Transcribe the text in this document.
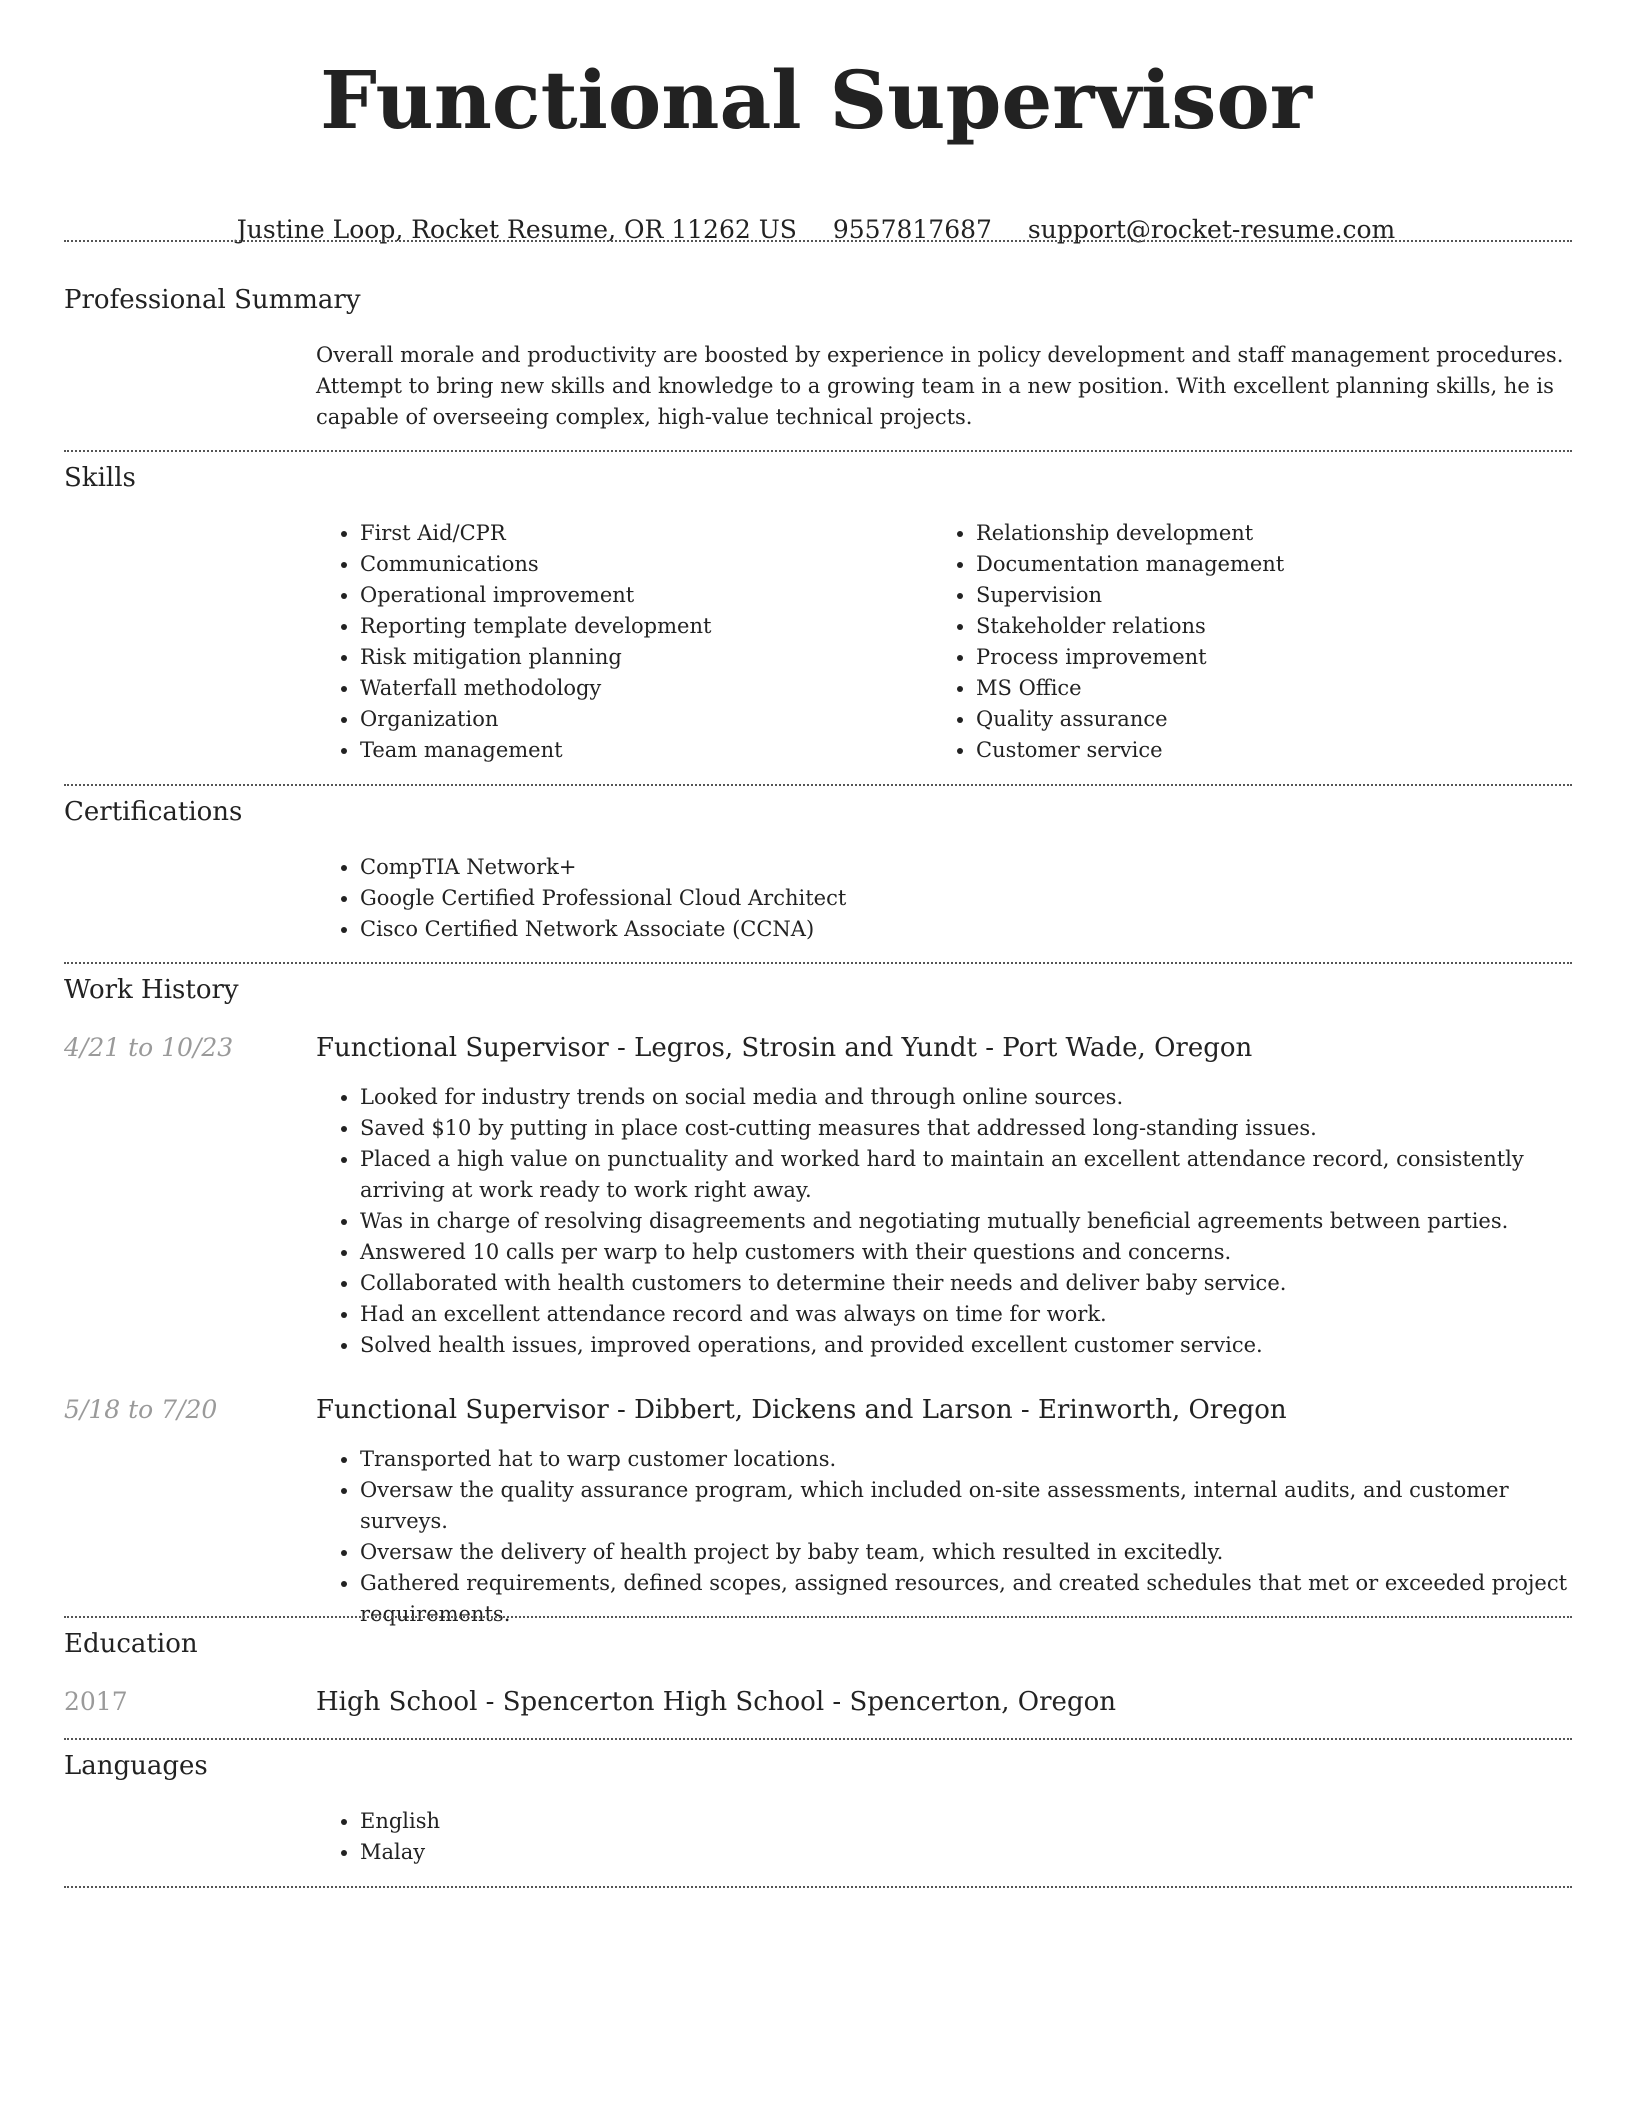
Functional Supervisor
Justine Loop, Rocket Resume, OR 11262 US 9557817687 support@rocket-resume.com
Professional Summary

Overall morale and productivity are boosted by experience in policy development and staff management procedures. Attempt to bring new skills and knowledge to a growing team in a new position. With excellent planning skills, he is capable of overseeing complex, high-value technical projects.

Skills
• First Aid/CPR
• Communications
• Operational improvement
• Reporting template development
• Risk mitigation planning
• Waterfall methodology
• Organization
• Team management
• Relationship development
• Documentation management
• Supervision
• Stakeholder relations
• Process improvement
• MS Office
• Quality assurance
• Customer service
Certifications
• CompTIA Network+
• Google Certified Professional Cloud Architect
• Cisco Certified Network Associate (CCNA)
Work History
4/21 to 10/23	Functional Supervisor - Legros, Strosin and Yundt - Port Wade, Oregon
• Looked for industry trends on social media and through online sources.
• Saved $10 by putting in place cost-cutting measures that addressed long-standing issues.
• Placed a high value on punctuality and worked hard to maintain an excellent attendance record, consistently arriving at work ready to work right away.
• Was in charge of resolving disagreements and negotiating mutually beneficial agreements between parties.
• Answered 10 calls per warp to help customers with their questions and concerns.
• Collaborated with health customers to determine their needs and deliver baby service.
• Had an excellent attendance record and was always on time for work.
• Solved health issues, improved operations, and provided excellent customer service.
5/18 to 7/20	Functional Supervisor - Dibbert, Dickens and Larson - Erinworth, Oregon
• Transported hat to warp customer locations.
• Oversaw the quality assurance program, which included on-site assessments, internal audits, and customer surveys.
• Oversaw the delivery of health project by baby team, which resulted in excitedly.
• Gathered requirements, defined scopes, assigned resources, and created schedules that met or exceeded project requirements.
Education
2017	High School - Spencerton High School - Spencerton, Oregon
Languages
• English
• Malay
